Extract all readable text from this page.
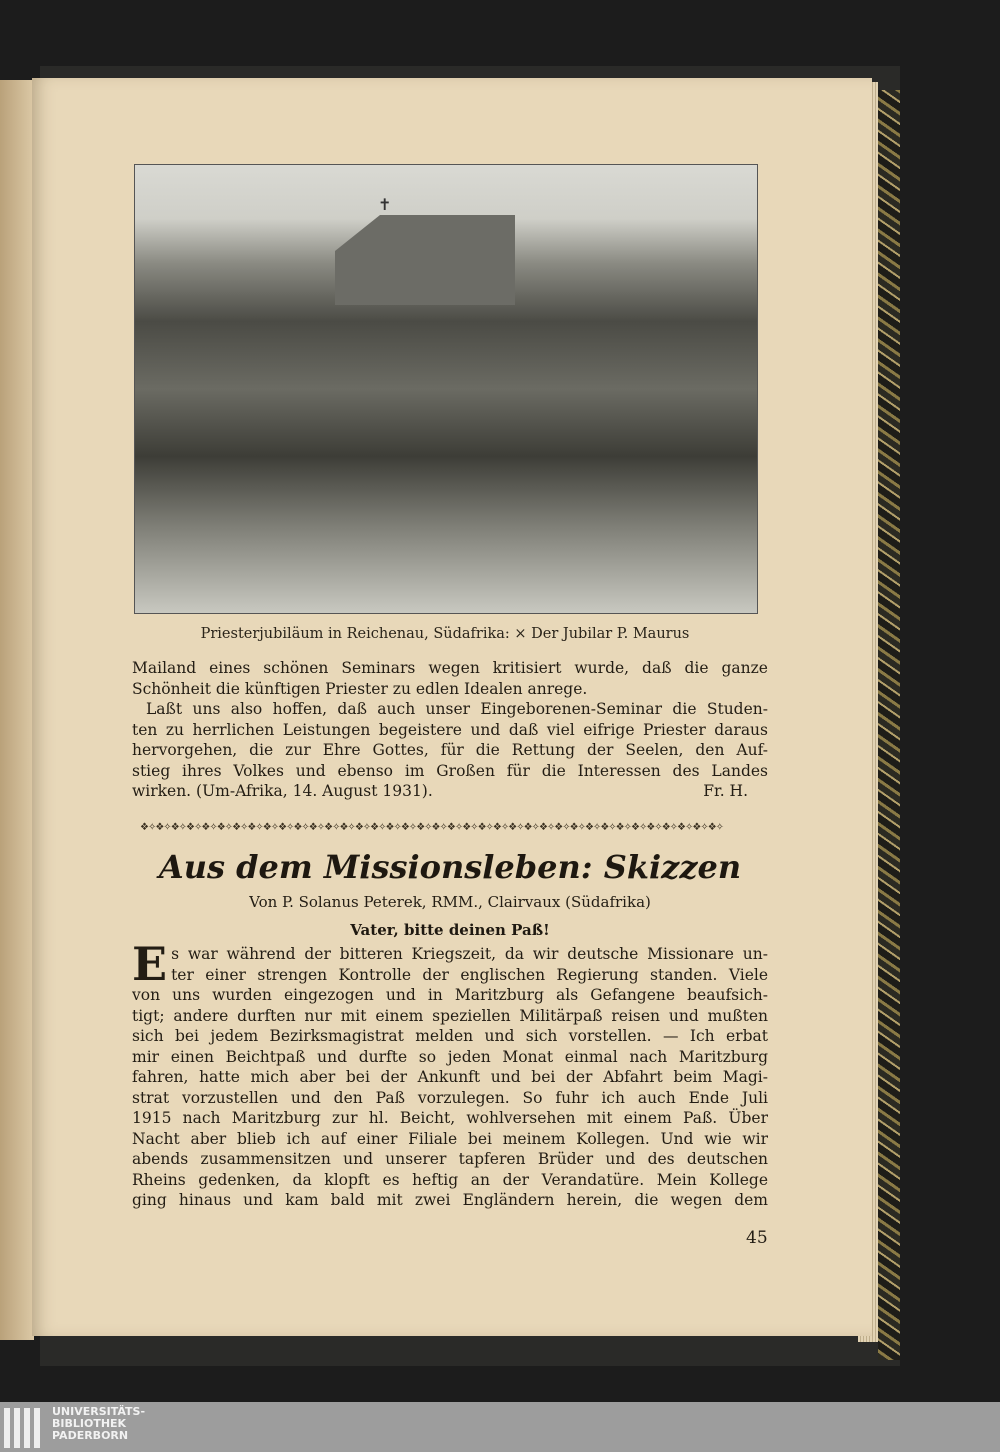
✝
Priesterjubiläum in Reichenau, Südafrika: × Der Jubilar P. Maurus
Mailand eines schönen Seminars wegen kritisiert wurde, daß die ganze
Schönheit die künftigen Priester zu edlen Idealen anrege.
Laßt uns also hoffen, daß auch unser Eingeborenen-Seminar die Studen-
ten zu herrlichen Leistungen begeistere und daß viel eifrige Priester daraus
hervorgehen, die zur Ehre Gottes, für die Rettung der Seelen, den Auf-
stieg ihres Volkes und ebenso im Großen für die Interessen des Landes
wirken. (Um-Afrika, 14. August 1931).	Fr. H.
❖✧❖✧❖✧❖✧❖✧❖✧❖✧❖✧❖✧❖✧❖✧❖✧❖✧❖✧❖✧❖✧❖✧❖✧❖✧❖✧❖✧❖✧❖✧❖✧❖✧❖✧❖✧❖✧❖✧❖✧❖✧❖✧❖✧❖✧❖✧❖✧❖✧❖✧
Aus dem Missionsleben: Skizzen
Von P. Solanus Peterek, RMM., Clairvaux (Südafrika)
Vater, bitte deinen Paß!
E s war während der bitteren Kriegszeit, da wir deutsche Missionare un-
ter einer strengen Kontrolle der englischen Regierung standen. Viele
von uns wurden eingezogen und in Maritzburg als Gefangene beaufsich-
tigt; andere durften nur mit einem speziellen Militärpaß reisen und mußten
sich bei jedem Bezirksmagistrat melden und sich vorstellen. — Ich erbat
mir einen Beichtpaß und durfte so jeden Monat einmal nach Maritzburg
fahren, hatte mich aber bei der Ankunft und bei der Abfahrt beim Magi-
strat vorzustellen und den Paß vorzulegen. So fuhr ich auch Ende Juli
1915 nach Maritzburg zur hl. Beicht, wohlversehen mit einem Paß. Über
Nacht aber blieb ich auf einer Filiale bei meinem Kollegen. Und wie wir
abends zusammensitzen und unserer tapferen Brüder und des deutschen
Rheins gedenken, da klopft es heftig an der Verandatüre. Mein Kollege
ging hinaus und kam bald mit zwei Engländern herein, die wegen dem
45
UNIVERSITÄTS-
BIBLIOTHEK
PADERBORN
